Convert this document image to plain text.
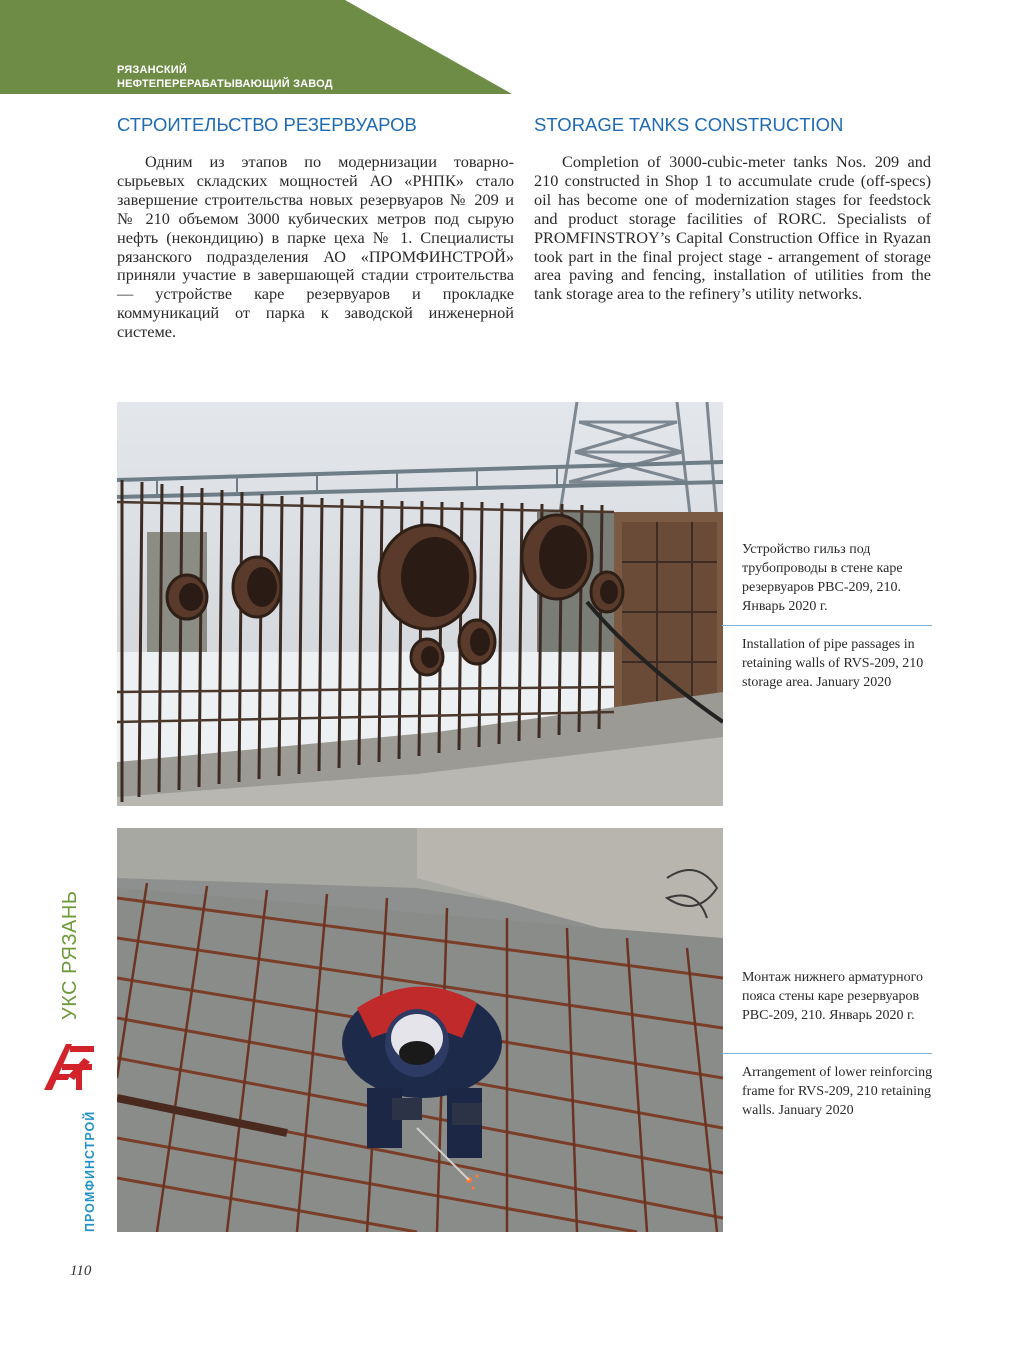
РЯЗАНСКИЙ
НЕФТЕПЕРЕРАБАТЫВАЮЩИЙ ЗАВОД
СТРОИТЕЛЬСТВО РЕЗЕРВУАРОВ	STORAGE TANKS CONSTRUCTION

Одним из этапов по модернизации товарно-сырьевых складских мощностей АО «РНПК» стало завершение строительства новых резервуаров № 209 и № 210 объемом 3000 кубических метров под сырую нефть (некондицию) в парке цеха № 1. Специалисты рязанского подразделения АО «ПРОМФИНСТРОЙ» приняли участие в завершающей стадии строительства — устройстве каре резервуаров и прокладке коммуникаций от парка к заводской инженерной системе.

Completion of 3000-cubic-meter tanks Nos. 209 and 210 constructed in Shop 1 to accumulate crude (off-specs) oil has become one of modernization stages for feedstock and product storage facilities of RORC. Specialists of PROMFINSTROY’s Capital Construction Office in Ryazan took part in the final project stage - arrangement of storage area paving and fencing, installation of utilities from the tank storage area to the refinery’s utility networks.

Устройство гильз под трубопроводы в стене каре резервуаров РВС-209, 210. Январь 2020 г.

Installation of pipe passages in retaining walls of RVS-209, 210 storage area. January 2020

Монтаж нижнего арматурного пояса стены каре резервуаров РВС-209, 210. Январь 2020 г.

Arrangement of lower reinforcing frame for RVS-209, 210 retaining walls. January 2020

УКС РЯЗАНЬ
ПРОМФИНСТРОЙ
110
